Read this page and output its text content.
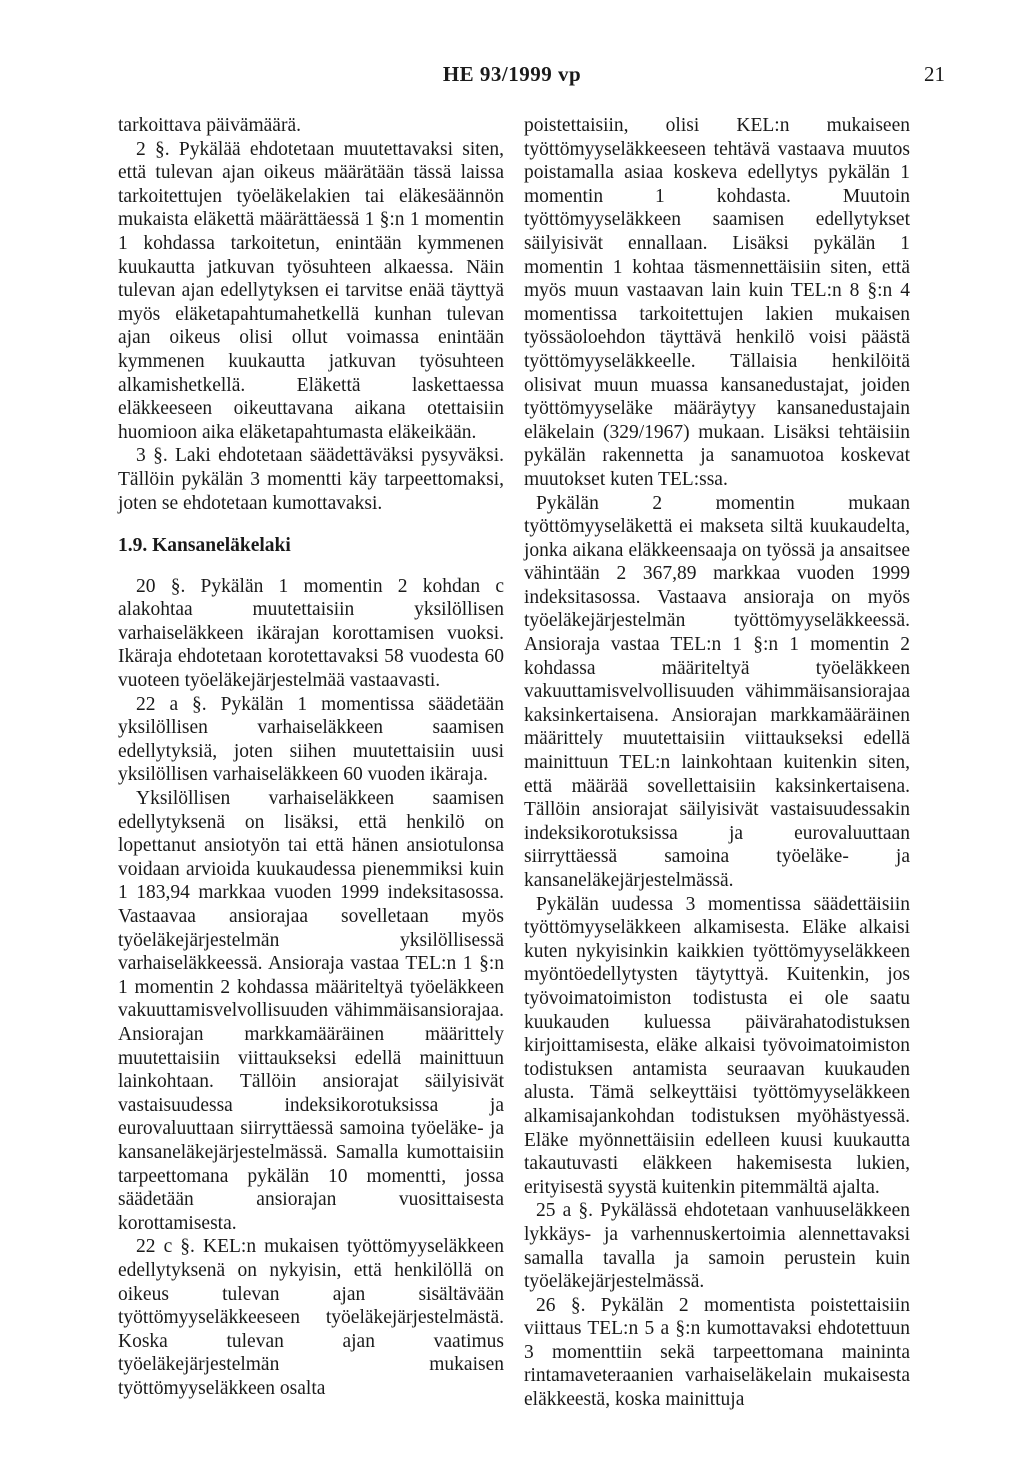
HE 93/1999 vp	21

tarkoittava päivämäärä.

2 §. Pykälää ehdotetaan muutettavaksi siten, että tulevan ajan oikeus määrätään tässä laissa tarkoitettujen työeläkelakien tai eläkesäännön mukaista eläkettä määrättäessä 1 §:n 1 momentin 1 kohdassa tarkoitetun, enintään kymmenen kuukautta jatkuvan työsuhteen alkaessa. Näin tulevan ajan edellytyksen ei tarvitse enää täyttyä myös eläketapahtumahetkellä kunhan tulevan ajan oikeus olisi ollut voimassa enintään kymmenen kuukautta jatkuvan työsuhteen alkamishetkellä. Eläkettä laskettaessa eläkkeeseen oikeuttavana aikana otettaisiin huomioon aika eläketapahtumasta eläkeikään.

3 §. Laki ehdotetaan säädettäväksi pysyväksi. Tällöin pykälän 3 momentti käy tarpeettomaksi, joten se ehdotetaan kumottavaksi.

1.9. Kansaneläkelaki

20 §. Pykälän 1 momentin 2 kohdan c alakohtaa muutettaisiin yksilöllisen varhaiseläkkeen ikärajan korottamisen vuoksi. Ikäraja ehdotetaan korotettavaksi 58 vuodesta 60 vuoteen työeläkejärjestelmää vastaavasti.

22 a §. Pykälän 1 momentissa säädetään yksilöllisen varhaiseläkkeen saamisen edellytyksiä, joten siihen muutettaisiin uusi yksilöllisen varhaiseläkkeen 60 vuoden ikäraja.

Yksilöllisen varhaiseläkkeen saamisen edellytyksenä on lisäksi, että henkilö on lopettanut ansiotyön tai että hänen ansiotulonsa voidaan arvioida kuukaudessa pienemmiksi kuin 1 183,94 markkaa vuoden 1999 indeksitasossa. Vastaavaa ansiorajaa sovelletaan myös työeläkejärjestelmän yksilöllisessä varhaiseläkkeessä. Ansioraja vastaa TEL:n 1 §:n 1 momentin 2 kohdassa määriteltyä työeläkkeen vakuuttamisvelvollisuuden vähimmäisansiorajaa. Ansiorajan markkamääräinen määrittely muutettaisiin viittaukseksi edellä mainittuun lainkohtaan. Tällöin ansiorajat säilyisivät vastaisuudessa indeksikorotuksissa ja eurovaluuttaan siirryttäessä samoina työeläke- ja kansaneläkejärjestelmässä. Samalla kumottaisiin tarpeettomana pykälän 10 momentti, jossa säädetään ansiorajan vuosittaisesta korottamisesta.

22 c §. KEL:n mukaisen työttömyyseläkkeen edellytyksenä on nykyisin, että henkilöllä on oikeus tulevan ajan sisältävään työttömyyseläkkeeseen työeläkejärjestelmästä. Koska tulevan ajan vaatimus työeläkejärjestelmän mukaisen työttömyyseläkkeen osalta

poistettaisiin, olisi KEL:n mukaiseen työttömyyseläkkeeseen tehtävä vastaava muutos poistamalla asiaa koskeva edellytys pykälän 1 momentin 1 kohdasta. Muutoin työttömyyseläkkeen saamisen edellytykset säilyisivät ennallaan. Lisäksi pykälän 1 momentin 1 kohtaa täsmennettäisiin siten, että myös muun vastaavan lain kuin TEL:n 8 §:n 4 momentissa tarkoitettujen lakien mukaisen työssäoloehdon täyttävä henkilö voisi päästä työttömyyseläkkeelle. Tällaisia henkilöitä olisivat muun muassa kansanedustajat, joiden työttömyyseläke määräytyy kansanedustajain eläkelain (329/1967) mukaan. Lisäksi tehtäisiin pykälän rakennetta ja sanamuotoa koskevat muutokset kuten TEL:ssa.

Pykälän 2 momentin mukaan työttömyyseläkettä ei makseta siltä kuukaudelta, jonka aikana eläkkeensaaja on työssä ja ansaitsee vähintään 2 367,89 markkaa vuoden 1999 indeksitasossa. Vastaava ansioraja on myös työeläkejärjestelmän työttömyyseläkkeessä. Ansioraja vastaa TEL:n 1 §:n 1 momentin 2 kohdassa määriteltyä työeläkkeen vakuuttamisvelvollisuuden vähimmäisansiorajaa kaksinkertaisena. Ansiorajan markkamääräinen määrittely muutettaisiin viittaukseksi edellä mainittuun TEL:n lainkohtaan kuitenkin siten, että määrää sovellettaisiin kaksinkertaisena. Tällöin ansiorajat säilyisivät vastaisuudessakin indeksikorotuksissa ja eurovaluuttaan siirryttäessä samoina työeläke- ja kansaneläkejärjestelmässä.

Pykälän uudessa 3 momentissa säädettäisiin työttömyyseläkkeen alkamisesta. Eläke alkaisi kuten nykyisinkin kaikkien työttömyyseläkkeen myöntöedellytysten täytyttyä. Kuitenkin, jos työvoimatoimiston todistusta ei ole saatu kuukauden kuluessa päivärahatodistuksen kirjoittamisesta, eläke alkaisi työvoimatoimiston todistuksen antamista seuraavan kuukauden alusta. Tämä selkeyttäisi työttömyyseläkkeen alkamisajankohdan todistuksen myöhästyessä. Eläke myönnettäisiin edelleen kuusi kuukautta takautuvasti eläkkeen hakemisesta lukien, erityisestä syystä kuitenkin pitemmältä ajalta.

25 a §. Pykälässä ehdotetaan vanhuuseläkkeen lykkäys- ja varhennuskertoimia alennettavaksi samalla tavalla ja samoin perustein kuin työeläkejärjestelmässä.

26 §. Pykälän 2 momentista poistettaisiin viittaus TEL:n 5 a §:n kumottavaksi ehdotettuun 3 momenttiin sekä tarpeettomana maininta rintamaveteraanien varhaiseläkelain mukaisesta eläkkeestä, koska mainittuja
